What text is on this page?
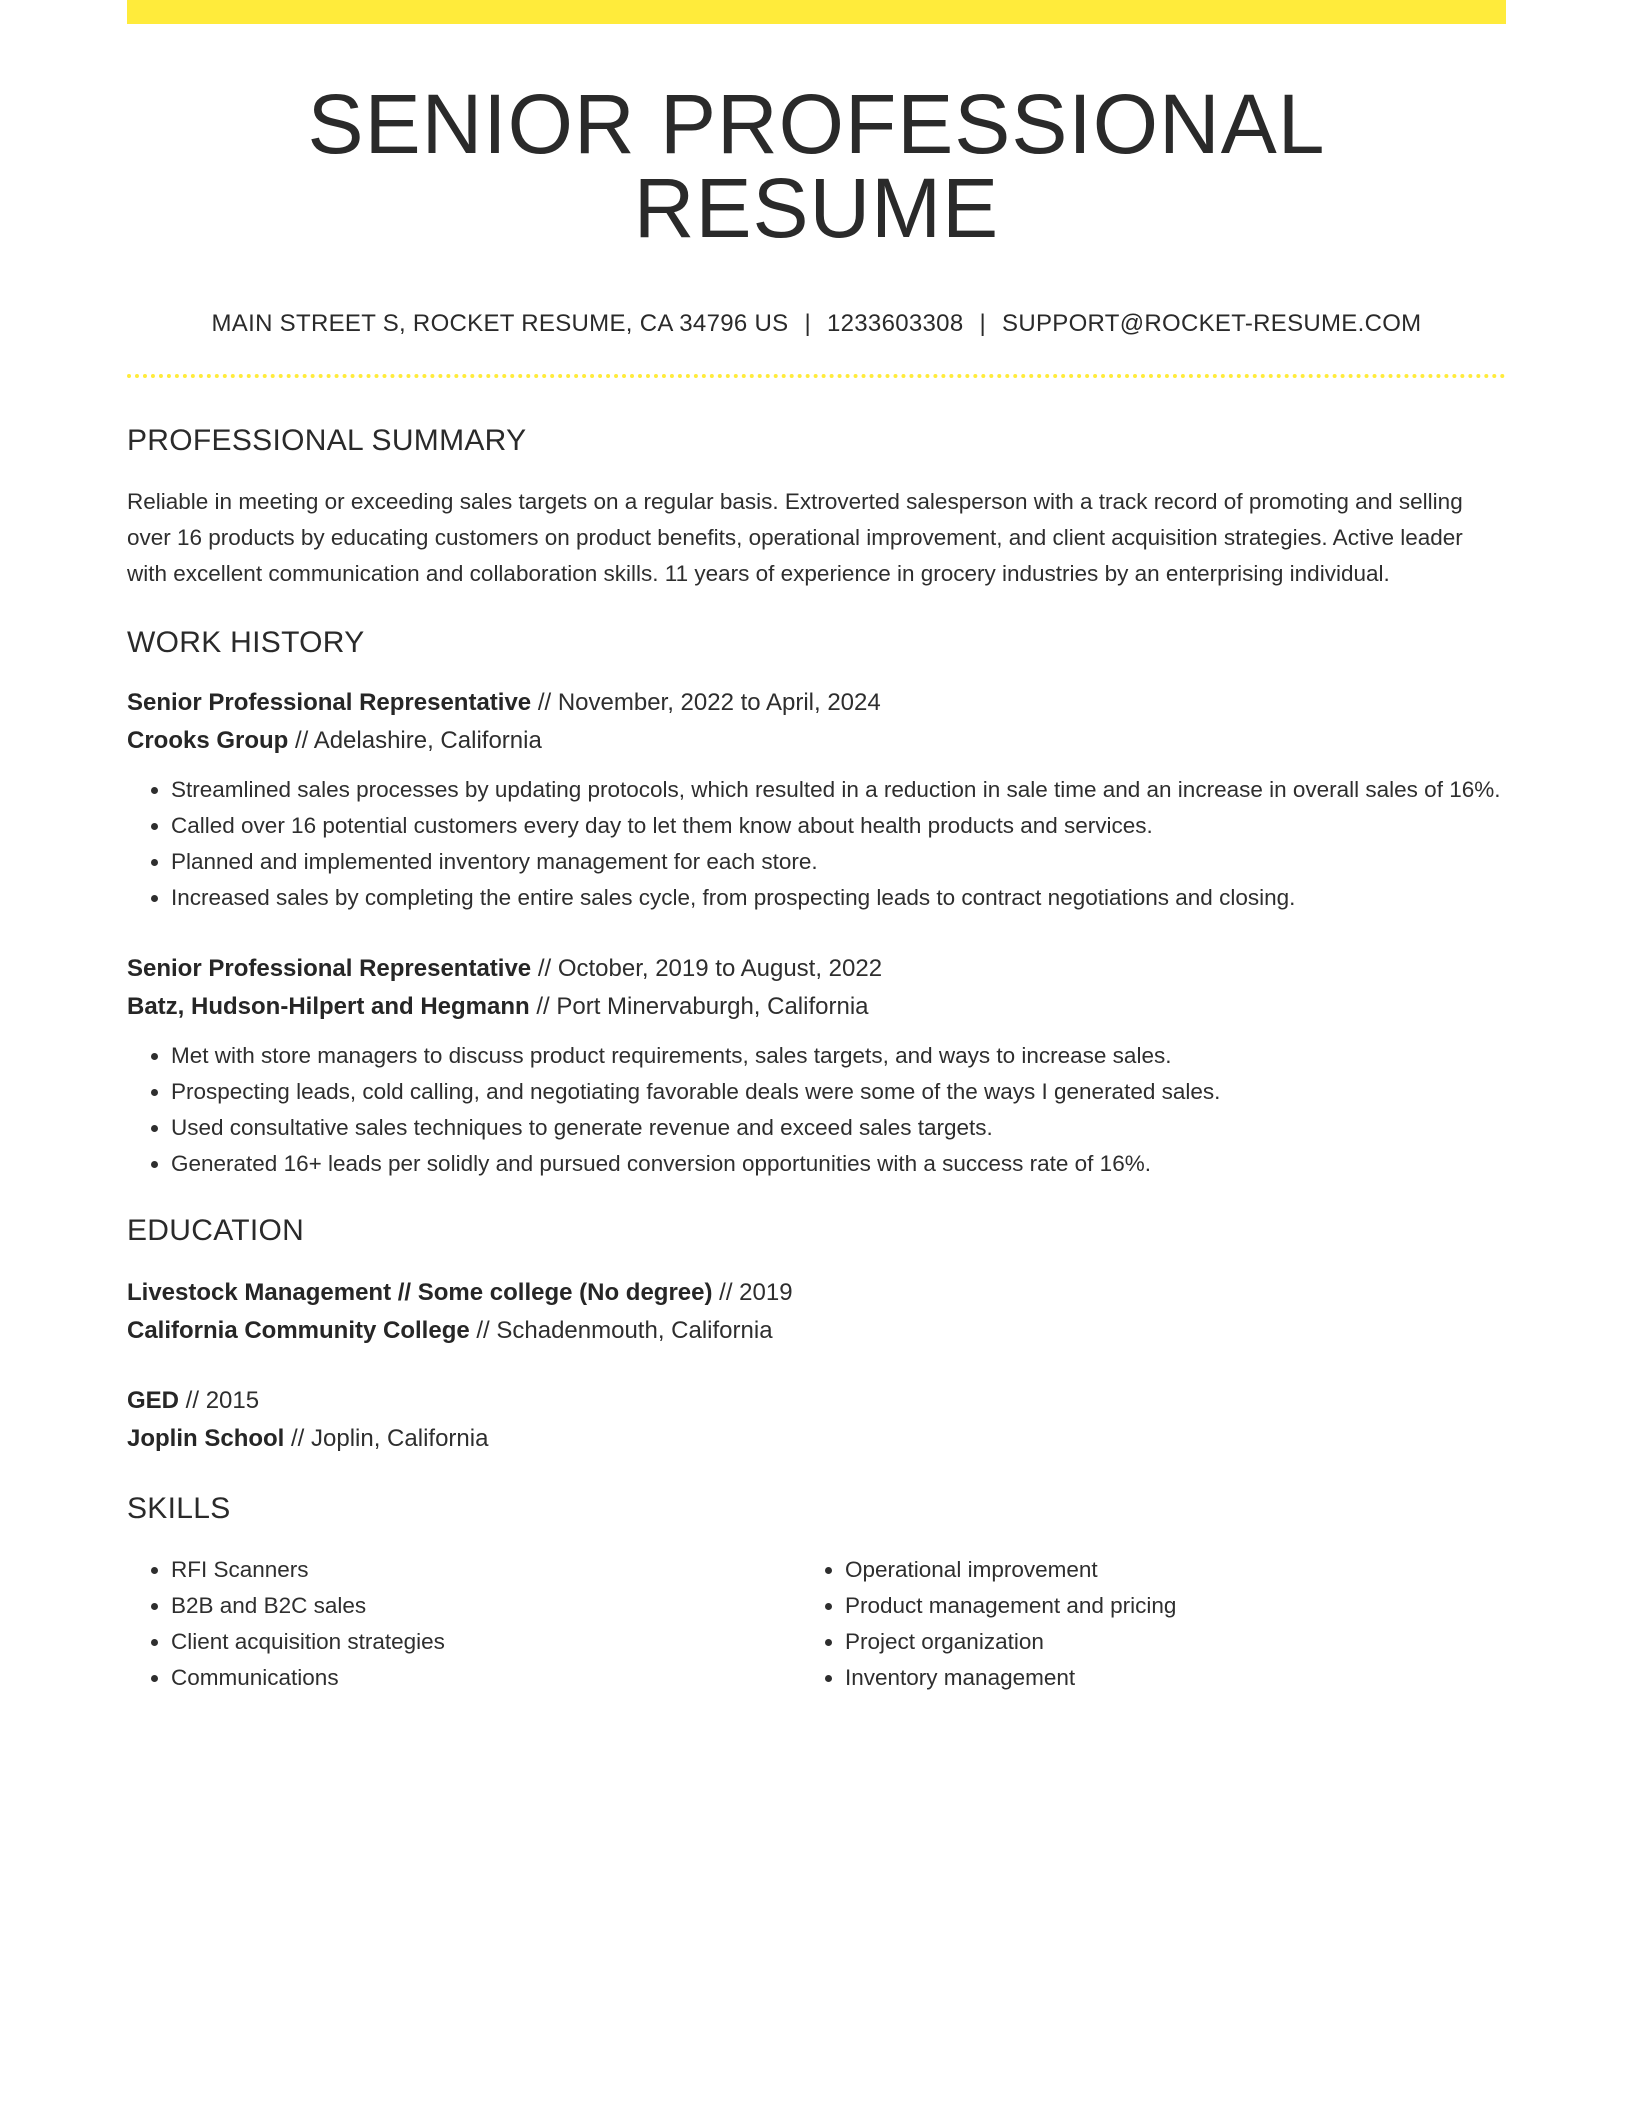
SENIOR PROFESSIONAL RESUME
MAIN STREET S, ROCKET RESUME, CA 34796 US | 1233603308 | SUPPORT@ROCKET-RESUME.COM
PROFESSIONAL SUMMARY

Reliable in meeting or exceeding sales targets on a regular basis. Extroverted salesperson with a track record of promoting and selling over 16 products by educating customers on product benefits, operational improvement, and client acquisition strategies. Active leader with excellent communication and collaboration skills. 11 years of experience in grocery industries by an enterprising individual.

WORK HISTORY
Senior Professional Representative // November, 2022 to April, 2024
Crooks Group // Adelashire, California
• Streamlined sales processes by updating protocols, which resulted in a reduction in sale time and an increase in overall sales of 16%.
• Called over 16 potential customers every day to let them know about health products and services.
• Planned and implemented inventory management for each store.
• Increased sales by completing the entire sales cycle, from prospecting leads to contract negotiations and closing.
Senior Professional Representative // October, 2019 to August, 2022
Batz, Hudson-Hilpert and Hegmann // Port Minervaburgh, California
• Met with store managers to discuss product requirements, sales targets, and ways to increase sales.
• Prospecting leads, cold calling, and negotiating favorable deals were some of the ways I generated sales.
• Used consultative sales techniques to generate revenue and exceed sales targets.
• Generated 16+ leads per solidly and pursued conversion opportunities with a success rate of 16%.
EDUCATION
Livestock Management // Some college (No degree) // 2019
California Community College // Schadenmouth, California
GED // 2015
Joplin School // Joplin, California
SKILLS
• RFI Scanners
• B2B and B2C sales
• Client acquisition strategies
• Communications
• Operational improvement
• Product management and pricing
• Project organization
• Inventory management
